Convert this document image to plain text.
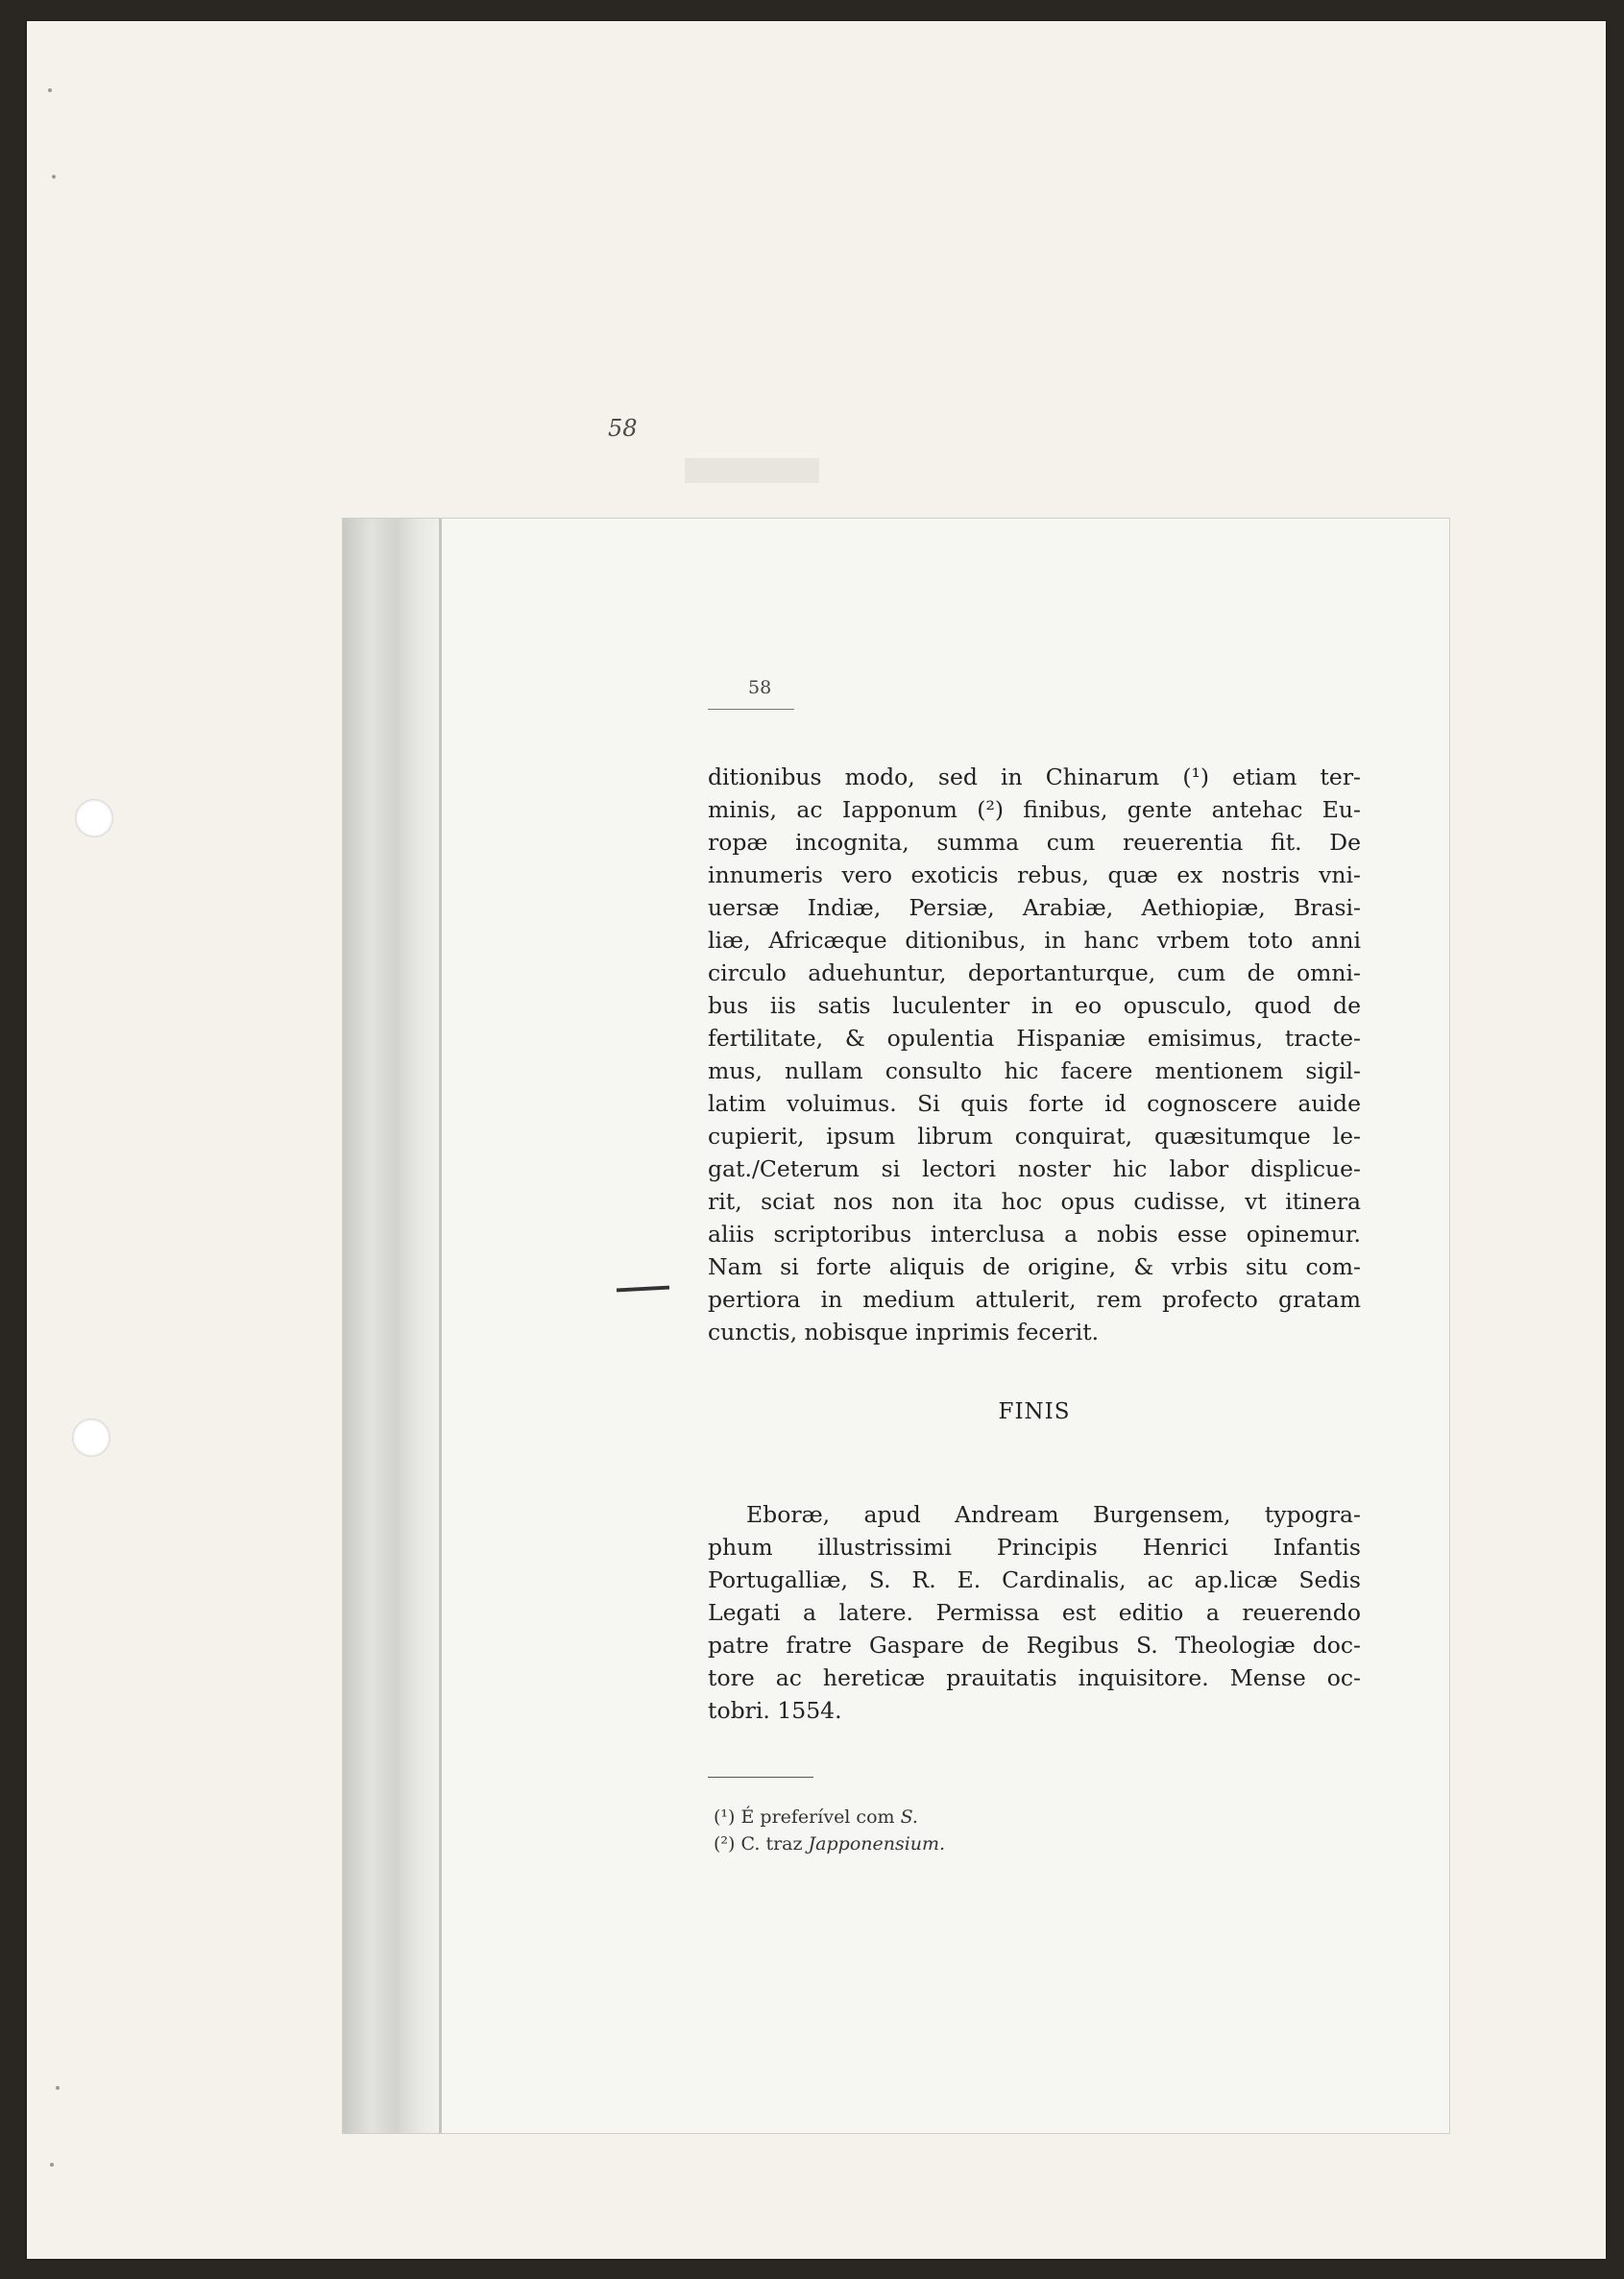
58
58
ditionibus modo, sed in Chinarum (¹) etiam ter-
minis, ac Iapponum (²) finibus, gente antehac Eu-
ropæ incognita, summa cum reuerentia fit. De
innumeris vero exoticis rebus, quæ ex nostris vni-
uersæ Indiæ, Persiæ, Arabiæ, Aethiopiæ, Brasi-
liæ, Africæque ditionibus, in hanc vrbem toto anni
circulo aduehuntur, deportanturque, cum de omni-
bus iis satis luculenter in eo opusculo, quod de
fertilitate, & opulentia Hispaniæ emisimus, tracte-
mus, nullam consulto hic facere mentionem sigil-
latim voluimus. Si quis forte id cognoscere auide
cupierit, ipsum librum conquirat, quæsitumque le-
gat./Ceterum si lectori noster hic labor displicue-
rit, sciat nos non ita hoc opus cudisse, vt itinera
aliis scriptoribus interclusa a nobis esse opinemur.
Nam si forte aliquis de origine, & vrbis situ com-
pertiora in medium attulerit, rem profecto gratam
cunctis, nobisque inprimis fecerit.
FINIS
Eboræ, apud Andream Burgensem, typogra-
phum illustrissimi Principis Henrici Infantis
Portugalliæ, S. R. E. Cardinalis, ac ap.licæ Sedis
Legati a latere. Permissa est editio a reuerendo
patre fratre Gaspare de Regibus S. Theologiæ doc-
tore ac hereticæ prauitatis inquisitore. Mense oc-
tobri. 1554.
(¹) É preferível com S.
(²) C. traz Japponensium.
